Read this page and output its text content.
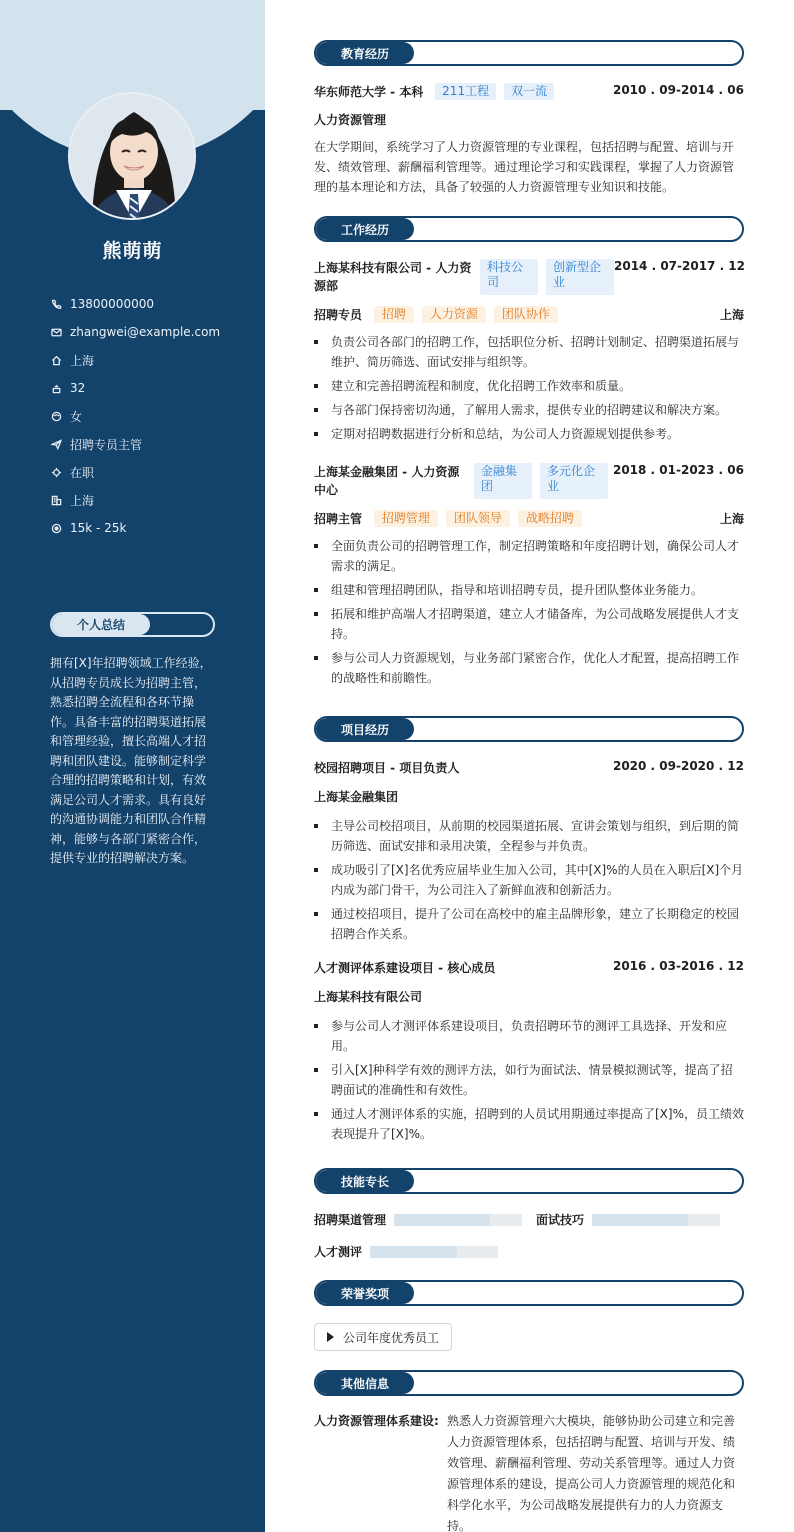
熊萌萌
13800000000
zhangwei@example.com
上海
32
女
招聘专员主管
在职
上海
15k - 25k
个人总结
拥有[X]年招聘领域工作经验，从招聘专员成长为招聘主管，熟悉招聘全流程和各环节操作。具备丰富的招聘渠道拓展和管理经验，擅长高端人才招聘和团队建设。能够制定科学合理的招聘策略和计划，有效满足公司人才需求。具有良好的沟通协调能力和团队合作精神，能够与各部门紧密合作，提供专业的招聘解决方案。
教育经历
华东师范大学 - 本科	211工程	双一流	2010 . 09-2014 . 06
人力资源管理
在大学期间，系统学习了人力资源管理的专业课程，包括招聘与配置、培训与开发、绩效管理、薪酬福利管理等。通过理论学习和实践课程，掌握了人力资源管理的基本理论和方法，具备了较强的人力资源管理专业知识和技能。
工作经历
上海某科技有限公司 - 人力资源部
科技公司
创新型企业
2014 . 07-2017 . 12
招聘专员	招聘	人力资源	团队协作	上海
负责公司各部门的招聘工作，包括职位分析、招聘计划制定、招聘渠道拓展与维护、简历筛选、面试安排与组织等。
建立和完善招聘流程和制度，优化招聘工作效率和质量。
与各部门保持密切沟通，了解用人需求，提供专业的招聘建议和解决方案。
定期对招聘数据进行分析和总结，为公司人力资源规划提供参考。
上海某金融集团 - 人力资源中心
金融集团
多元化企业
2018 . 01-2023 . 06
招聘主管	招聘管理	团队领导	战略招聘	上海
全面负责公司的招聘管理工作，制定招聘策略和年度招聘计划，确保公司人才需求的满足。
组建和管理招聘团队，指导和培训招聘专员，提升团队整体业务能力。
拓展和维护高端人才招聘渠道，建立人才储备库，为公司战略发展提供人才支持。
参与公司人力资源规划，与业务部门紧密合作，优化人才配置，提高招聘工作的战略性和前瞻性。
项目经历
校园招聘项目 - 项目负责人	2020 . 09-2020 . 12
上海某金融集团
主导公司校招项目，从前期的校园渠道拓展、宣讲会策划与组织，到后期的简历筛选、面试安排和录用决策，全程参与并负责。
成功吸引了[X]名优秀应届毕业生加入公司，其中[X]%的人员在入职后[X]个月内成为部门骨干，为公司注入了新鲜血液和创新活力。
通过校招项目，提升了公司在高校中的雇主品牌形象，建立了长期稳定的校园招聘合作关系。
人才测评体系建设项目 - 核心成员	2016 . 03-2016 . 12
上海某科技有限公司
参与公司人才测评体系建设项目，负责招聘环节的测评工具选择、开发和应用。
引入[X]种科学有效的测评方法，如行为面试法、情景模拟测试等，提高了招聘面试的准确性和有效性。
通过人才测评体系的实施，招聘到的人员试用期通过率提高了[X]%，员工绩效表现提升了[X]%。
技能专长
招聘渠道管理	面试技巧
人才测评
荣誉奖项
公司年度优秀员工
其他信息
人力资源管理体系建设: 熟悉人力资源管理六大模块，能够协助公司建立和完善人力资源管理体系，包括招聘与配置、培训与开发、绩效管理、薪酬福利管理、劳动关系管理等。通过人力资源管理体系的建设，提高公司人力资源管理的规范化和科学化水平，为公司战略发展提供有力的人力资源支持。
